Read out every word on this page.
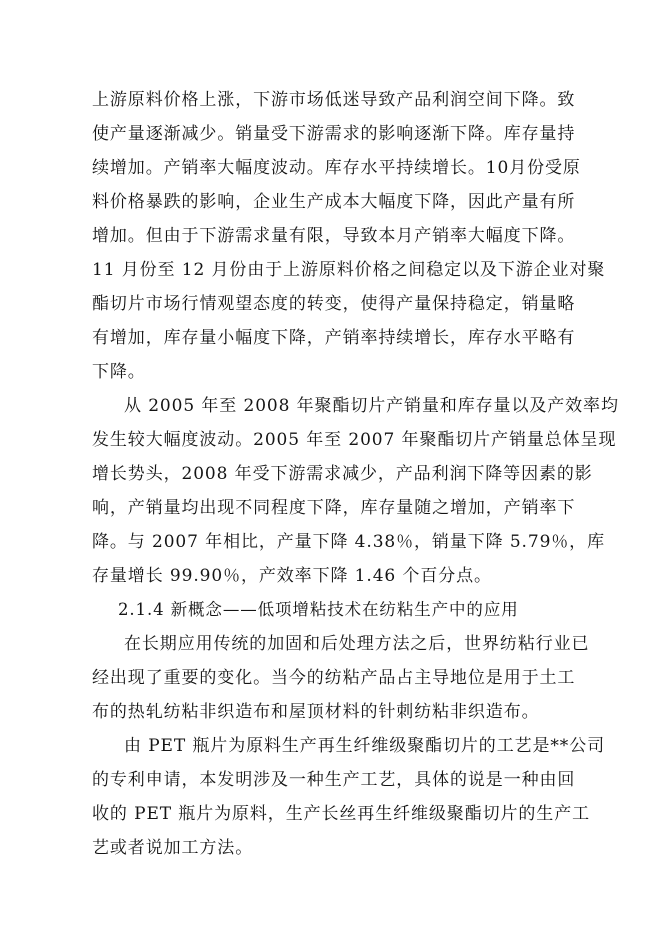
上游原料价格上涨，下游市场低迷导致产品利润空间下降。致
使产量逐渐减少。销量受下游需求的影响逐渐下降。库存量持
续增加。产销率大幅度波动。库存水平持续增长。10月份受原
料价格暴跌的影响，企业生产成本大幅度下降，因此产量有所
增加。但由于下游需求量有限，导致本月产销率大幅度下降。
11 月份至 12 月份由于上游原料价格之间稳定以及下游企业对聚
酯切片市场行情观望态度的转变，使得产量保持稳定，销量略
有增加，库存量小幅度下降，产销率持续增长，库存水平略有
下降。
从 2005 年至 2008 年聚酯切片产销量和库存量以及产效率均
发生较大幅度波动。2005 年至 2007 年聚酯切片产销量总体呈现
增长势头，2008 年受下游需求减少，产品利润下降等因素的影
响，产销量均出现不同程度下降，库存量随之增加，产销率下
降。与 2007 年相比，产量下降 4.38％，销量下降 5.79％，库
存量增长 99.90％，产效率下降 1.46 个百分点。
2.1.4 新概念——低项增粘技术在纺粘生产中的应用
在长期应用传统的加固和后处理方法之后，世界纺粘行业已
经出现了重要的变化。当今的纺粘产品占主导地位是用于土工
布的热轧纺粘非织造布和屋顶材料的针刺纺粘非织造布。
由 PET 瓶片为原料生产再生纤维级聚酯切片的工艺是**公司
的专利申请，本发明涉及一种生产工艺，具体的说是一种由回
收的 PET 瓶片为原料，生产长丝再生纤维级聚酯切片的生产工
艺或者说加工方法。
